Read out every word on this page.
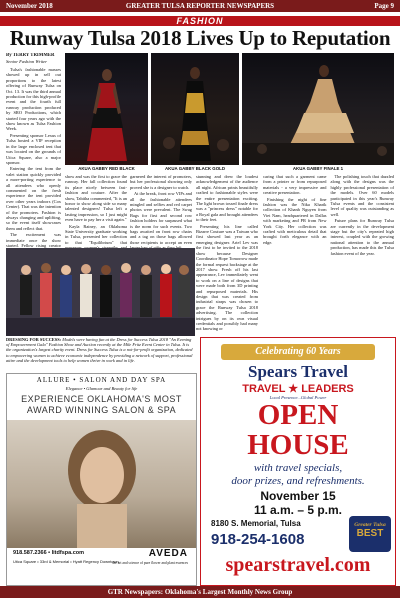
November 2018	GREATER TULSA REPORTER NEWSPAPERS	Page 9
FASHION
Runway Tulsa 2018 Lives Up to Reputation
By TERRY TRIMMER
Senior Fashion Writer

Tulsa's fashionable masses showed up in sell out proportions to the latest offering of Runway Tulsa on Oct. 13. It was the third annual production for this high-profile event and the fourth full runway production produced by SRO Productions, which started four years ago with the show known as Tulsa Fashion Week.

Presenting sponsor Lexus of Tulsa hosted a VIP reception in the large enclosed tent that was located on the grounds of Utica Square, also a major sponsor.

Entering the tent from the valet station quickly provided a more-porting experience to all attendees who openly commented on the fresh experience the tent provided over other years indoors (Cox Center). That was the intention of the promoters. Fashion is always changing and uplifting, so the event itself showcases them and reflect that.

The excitement was immediate once the show started. Fellow rising creator

AKUA GABBY RED BLACK	AKUA GABBY BLACK GOLD	AKUA GABBY FINALE 1

show and was the first to grace the runway. Her fall collection found its place nicely between fast-fashion and couture. After the show, Tabitha commented, "It is an honor to show along side so many talented designers! Tulsa left a lasting impression, so I just might even have to pay her a visit again."

Kayla Rainey, an Oklahoma State University graduate working in Tulsa, presented her collection to that "Equilibrium" that

garnered the interest of promoters, but her professional showing only proved she is a designer to watch.

At the break, front row VIPs and all the fashionable attendees mingled and selfies and red carpet photos were prevalent. The Swag Bags for first and second row fashion holders for surpassed what is the norm for such events. Two bags awaited on front row chairs and a tag on those bags allowed those recipients to accept an even

stunning and drew the loudest acknowledgement of the audience all night. African prints beautifully crafted to fashionable styles were the entire presentation exciting. The light brown tossed finale dress was a "princess dress" notable for a Royal gala and brought attendees to their feet.

Presenting his line called Bizarre Couture was a Taiwan who first showed last year as an emerging designer. Ariel Lev was the first to be invited to the 2018 show because Designer Coordinator Hope Tomorrow made the formal request backstage at the 2017 show. Fresh off his last appearance, Lev immediately went to work on a line of designs that were made both from 3D printing and repurposed materials. His design that was created from industrial straps was chosen to grace the Runway Tulsa 2018 advertising. The collection intrigues by on its own visual credentials and possibly had many not knowing or

caring that such a garment came from a printer or from repurposed materials - a very impressive and creative presentation.

Finishing the night of fine fashion was the Nika Kharik collection of Khanh Nguyen from Viet Nam, headquartered in Dallas with marketing and PR from New York City. Her collection was crafted with meticulous detail that brought forth elegance with an edge.

The polishing touch that dazzled along with the designs was the highly professional presentation of the models. Over 60 models participated in this year's Runway Tulsa events and the consistent level of quality was outstanding as well.

Future plans for Runway Tulsa are currently in the development stage but the city's repeated high interest, coupled with the growing national attention to the annual production, has made this the Tulsa fashion event of the year.

DRESSING FOR SUCCESS: Models were having fun at the Dress for Success Tulsa 2018 "An Evening of Empowerment Gala" Fashion Show and Auction recently at the Mile Fritz Event Center in Tulsa. It is the organization's largest charity event. Dress for Success Tulsa is a not-for-profit organization, dedicated to empowering women to achieve economic independence by providing a network of support, professional attire and the development tools to help women thrive in work and in life.
ALLURE • SALON AND DAY SPA
Elegance • Glamour and Beauty for life
EXPERIENCE OKLAHOMA'S MOST AWARD WINNING SALON & SPA
918.587.2366 • litdfspa.com
Utica Square • 33rd & Memorial • Hyatt Regency Downtown
AVEDA
the art and science of pure flower and plant essences
Celebrating 60 Years
Spears Travel
TRAVEL ★ LEADERS
Local Presence...Global Power
OPEN
HOUSE
with travel specials,
door prizes, and refreshments.
November 15
11 a.m. – 5 p.m.
8180 S. Memorial, Tulsa
918-254-1608
Greater Tulsa
BEST
spearstravel.com
GTR Newspapers: Oklahoma's Largest Monthly News Group
